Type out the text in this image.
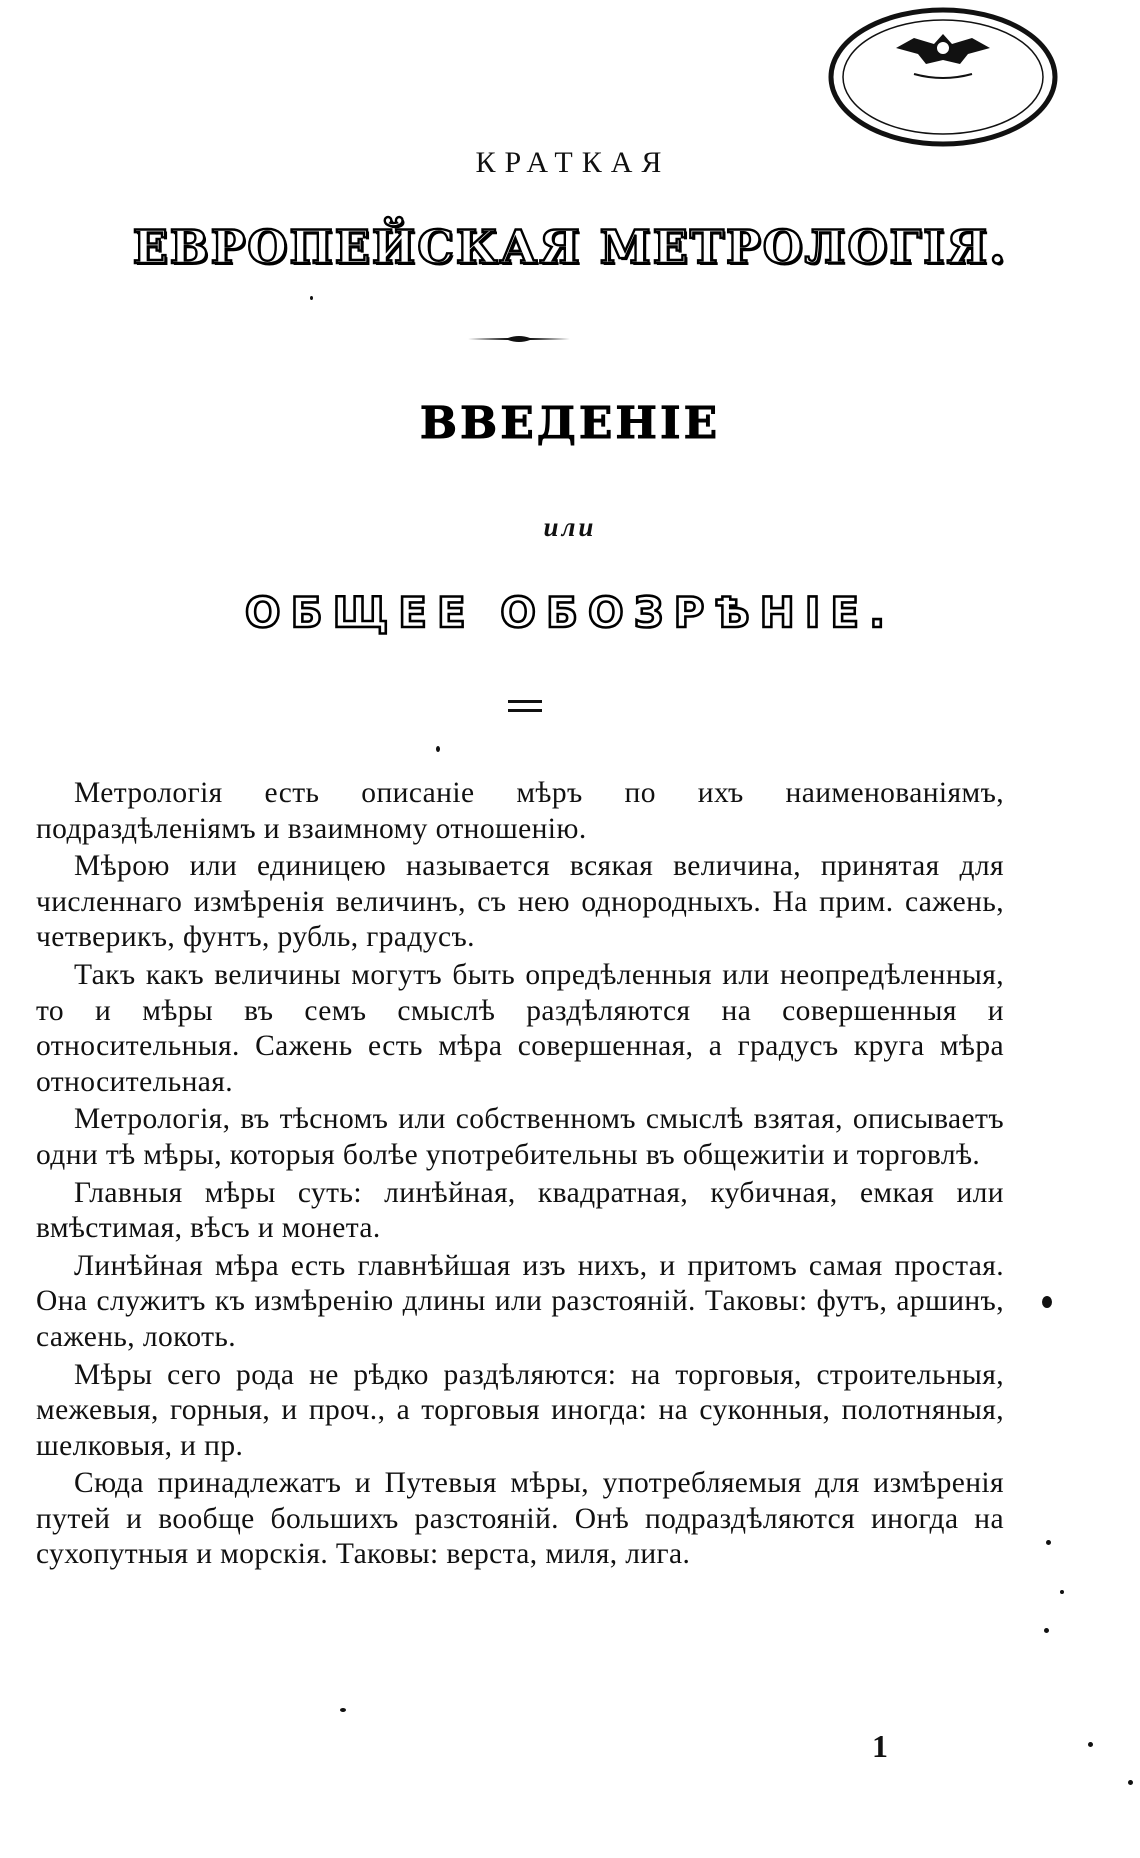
КРАТКАЯ
ЕВРОПЕЙСКАЯ МЕТРОЛОГІЯ.
ВВЕДЕНІЕ
или
ОБЩЕЕ ОБОЗРѢНІЕ.

Метрологія есть описаніе мѣръ по ихъ наименованіямъ, подраздѣленіямъ и взаимному отношенію.

Мѣрою или единицею называется всякая величина, принятая для численнаго измѣренія величинъ, съ нею однородныхъ. На прим. сажень, четверикъ, фунтъ, рубль, градусъ.

Такъ какъ величины могутъ быть опредѣленныя или неопредѣленныя, то и мѣры въ семъ смыслѣ раздѣляются на совершенныя и относительныя. Сажень есть мѣра совершенная, а градусъ круга мѣра относительная.

Метрологія, въ тѣсномъ или собственномъ смыслѣ взятая, описываетъ одни тѣ мѣры, которыя болѣе употребительны въ общежитіи и торговлѣ.

Главныя мѣры суть: линѣйная, квадратная, кубичная, емкая или вмѣстимая, вѣсъ и монета.

Линѣйная мѣра есть главнѣйшая изъ нихъ, и притомъ самая простая. Она служитъ къ измѣренію длины или разстояній. Таковы: футъ, аршинъ, сажень, локоть.

Мѣры сего рода не рѣдко раздѣляются: на торговыя, строительныя, межевыя, горныя, и проч., а торговыя иногда: на суконныя, полотняныя, шелковыя, и пр.

Сюда принадлежатъ и Путевыя мѣры, употребляемыя для измѣренія путей и вообще большихъ разстояній. Онѣ подраздѣляются иногда на сухопутныя и морскія. Таковы: верста, миля, лига.

1
